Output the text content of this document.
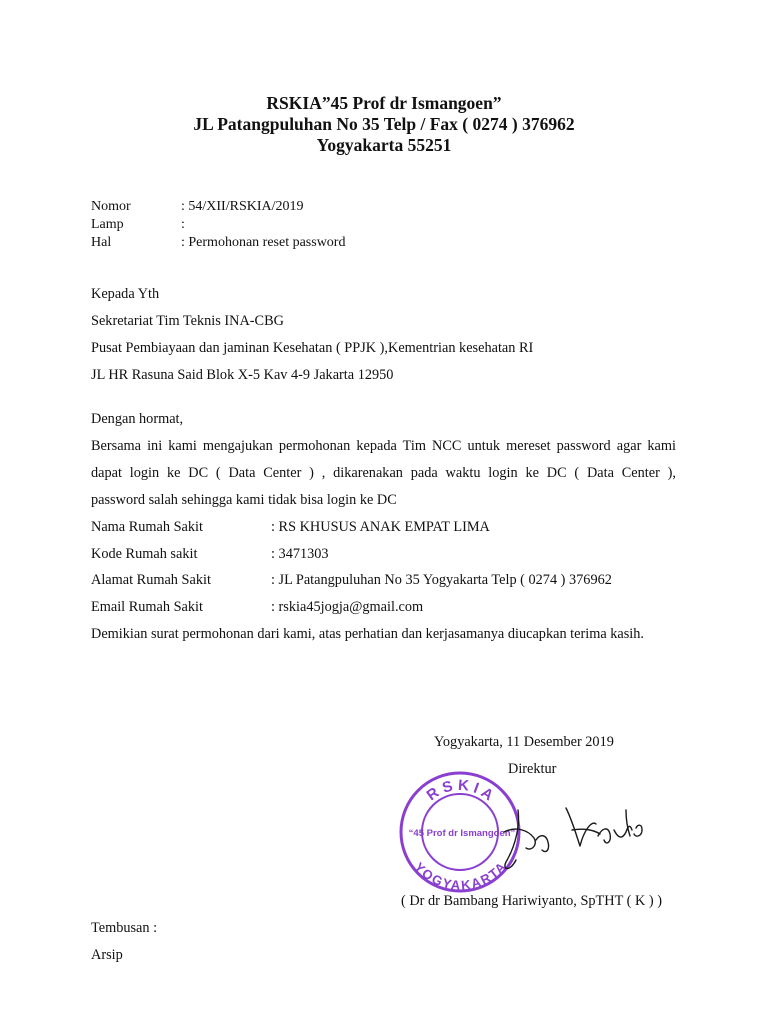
RSKIA”45 Prof dr Ismangoen”
JL Patangpuluhan No 35 Telp / Fax ( 0274 ) 376962
Yogyakarta 55251
Nomor	: 54/XII/RSKIA/2019
Lamp	:
Hal	: Permohonan reset password
Kepada Yth
Sekretariat Tim Teknis INA-CBG
Pusat Pembiayaan dan jaminan Kesehatan ( PPJK ),Kementrian kesehatan RI
JL HR Rasuna Said Blok X-5 Kav 4-9 Jakarta 12950
Dengan hormat,
Bersama ini kami mengajukan permohonan kepada Tim NCC untuk mereset password agar kami
dapat login ke DC ( Data Center ) , dikarenakan pada waktu login ke DC ( Data Center ),
password salah sehingga kami tidak bisa login ke DC
Nama Rumah Sakit	: RS KHUSUS ANAK EMPAT LIMA
Kode Rumah sakit	: 3471303
Alamat Rumah Sakit	: JL Patangpuluhan No 35 Yogyakarta Telp ( 0274 ) 376962
Email Rumah Sakit	: rskia45jogja@gmail.com
Demikian surat permohonan dari kami, atas perhatian dan kerjasamanya diucapkan terima kasih.
Yogyakarta, 11 Desember 2019
Direktur
R S K I A
“45 Prof dr Ismangoen”
YOGYAKARTA
( Dr dr Bambang Hariwiyanto, SpTHT ( K ) )
Tembusan :
Arsip
